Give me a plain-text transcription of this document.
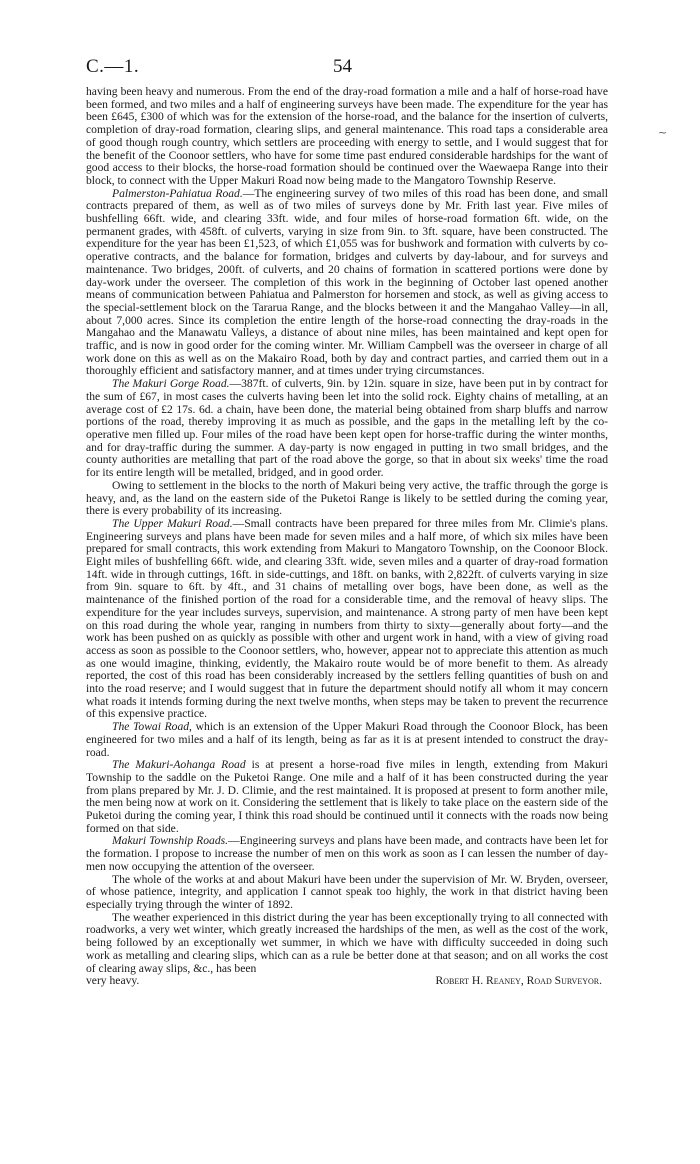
C.—1.	54
~

having been heavy and numerous. From the end of the dray-road formation a mile and a half of horse-road have been formed, and two miles and a half of engineering surveys have been made. The expenditure for the year has been £645, £300 of which was for the extension of the horse-road, and the balance for the insertion of culverts, completion of dray-road formation, clearing slips, and general maintenance. This road taps a considerable area of good though rough country, which settlers are proceeding with energy to settle, and I would suggest that for the benefit of the Coonoor settlers, who have for some time past endured considerable hardships for the want of good access to their blocks, the horse-road formation should be continued over the Waewaepa Range into their block, to connect with the Upper Makuri Road now being made to the Mangatoro Township Reserve.

Palmerston-Pahiatua Road.—The engineering survey of two miles of this road has been done, and small contracts prepared of them, as well as of two miles of surveys done by Mr. Frith last year. Five miles of bushfelling 66ft. wide, and clearing 33ft. wide, and four miles of horse-road formation 6ft. wide, on the permanent grades, with 458ft. of culverts, varying in size from 9in. to 3ft. square, have been constructed. The expenditure for the year has been £1,523, of which £1,055 was for bushwork and formation with culverts by co-operative contracts, and the balance for formation, bridges and culverts by day-labour, and for surveys and maintenance. Two bridges, 200ft. of culverts, and 20 chains of formation in scattered portions were done by day-work under the overseer. The completion of this work in the beginning of October last opened another means of communication between Pahiatua and Palmerston for horsemen and stock, as well as giving access to the special-settlement block on the Tararua Range, and the blocks between it and the Mangahao Valley—in all, about 7,000 acres. Since its completion the entire length of the horse-road connecting the dray-roads in the Mangahao and the Manawatu Valleys, a distance of about nine miles, has been maintained and kept open for traffic, and is now in good order for the coming winter. Mr. William Campbell was the overseer in charge of all work done on this as well as on the Makairo Road, both by day and contract parties, and carried them out in a thoroughly efficient and satisfactory manner, and at times under trying circumstances.

The Makuri Gorge Road.—387ft. of culverts, 9in. by 12in. square in size, have been put in by contract for the sum of £67, in most cases the culverts having been let into the solid rock. Eighty chains of metalling, at an average cost of £2 17s. 6d. a chain, have been done, the material being obtained from sharp bluffs and narrow portions of the road, thereby improving it as much as possible, and the gaps in the metalling left by the co-operative men filled up. Four miles of the road have been kept open for horse-traffic during the winter months, and for dray-traffic during the summer. A day-party is now engaged in putting in two small bridges, and the county authorities are metalling that part of the road above the gorge, so that in about six weeks' time the road for its entire length will be metalled, bridged, and in good order.

Owing to settlement in the blocks to the north of Makuri being very active, the traffic through the gorge is heavy, and, as the land on the eastern side of the Puketoi Range is likely to be settled during the coming year, there is every probability of its increasing.

The Upper Makuri Road.—Small contracts have been prepared for three miles from Mr. Climie's plans. Engineering surveys and plans have been made for seven miles and a half more, of which six miles have been prepared for small contracts, this work extending from Makuri to Mangatoro Township, on the Coonoor Block. Eight miles of bushfelling 66ft. wide, and clearing 33ft. wide, seven miles and a quarter of dray-road formation 14ft. wide in through cuttings, 16ft. in side-cuttings, and 18ft. on banks, with 2,822ft. of culverts varying in size from 9in. square to 6ft. by 4ft., and 31 chains of metalling over bogs, have been done, as well as the maintenance of the finished portion of the road for a considerable time, and the removal of heavy slips. The expenditure for the year includes surveys, supervision, and maintenance. A strong party of men have been kept on this road during the whole year, ranging in numbers from thirty to sixty—generally about forty—and the work has been pushed on as quickly as possible with other and urgent work in hand, with a view of giving road access as soon as possible to the Coonoor settlers, who, however, appear not to appreciate this attention as much as one would imagine, thinking, evidently, the Makairo route would be of more benefit to them. As already reported, the cost of this road has been considerably increased by the settlers felling quantities of bush on and into the road reserve; and I would suggest that in future the department should notify all whom it may concern what roads it intends forming during the next twelve months, when steps may be taken to prevent the recurrence of this expensive practice.

The Towai Road, which is an extension of the Upper Makuri Road through the Coonoor Block, has been engineered for two miles and a half of its length, being as far as it is at present intended to construct the dray-road.

The Makuri-Aohanga Road is at present a horse-road five miles in length, extending from Makuri Township to the saddle on the Puketoi Range. One mile and a half of it has been constructed during the year from plans prepared by Mr. J. D. Climie, and the rest maintained. It is proposed at present to form another mile, the men being now at work on it. Considering the settlement that is likely to take place on the eastern side of the Puketoi during the coming year, I think this road should be continued until it connects with the roads now being formed on that side.

Makuri Township Roads.—Engineering surveys and plans have been made, and contracts have been let for the formation. I propose to increase the number of men on this work as soon as I can lessen the number of day-men now occupying the attention of the overseer.

The whole of the works at and about Makuri have been under the supervision of Mr. W. Bryden, overseer, of whose patience, integrity, and application I cannot speak too highly, the work in that district having been especially trying through the winter of 1892.

The weather experienced in this district during the year has been exceptionally trying to all connected with roadworks, a very wet winter, which greatly increased the hardships of the men, as well as the cost of the work, being followed by an exceptionally wet summer, in which we have with difficulty succeeded in doing such work as metalling and clearing slips, which can as a rule be better done at that season; and on all works the cost of clearing away slips, &c., has been

very heavy.	Robert H. Reaney, Road Surveyor.
